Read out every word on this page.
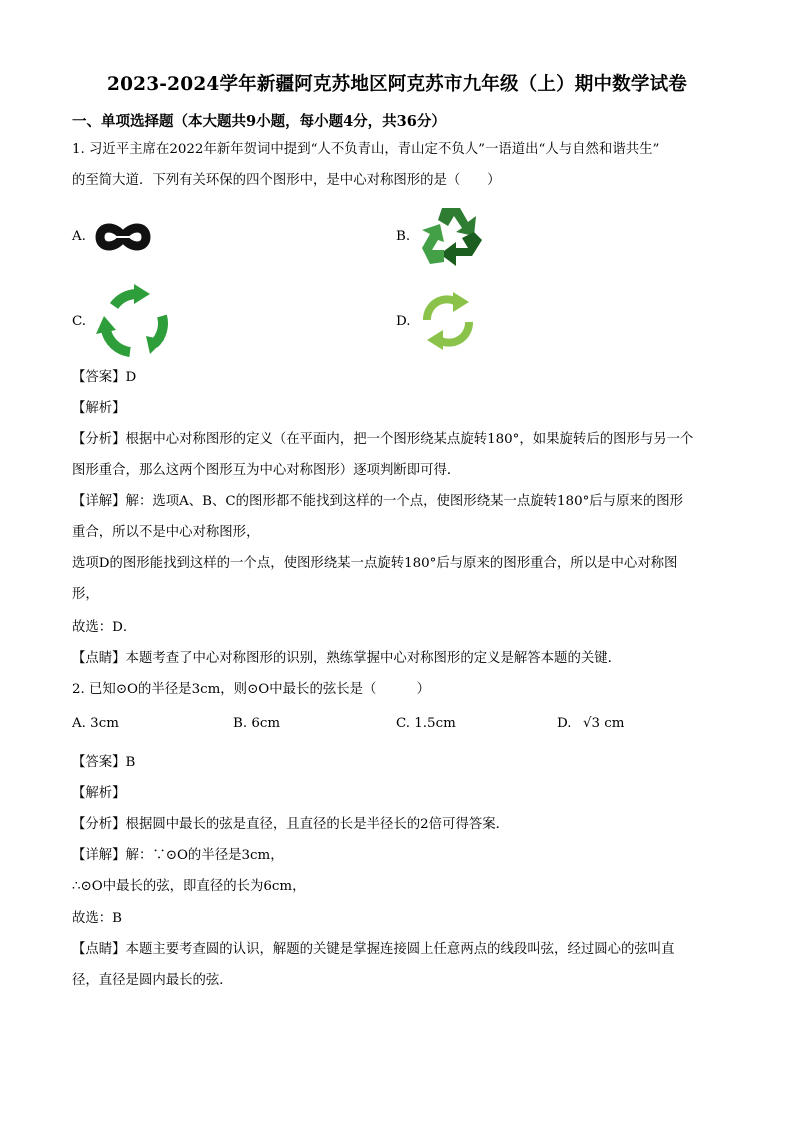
2023-2024学年新疆阿克苏地区阿克苏市九年级（上）期中数学试卷
一、单项选择题（本大题共9小题，每小题4分，共36分）
1. 习近平主席在2022年新年贺词中提到“人不负青山，青山定不负人”一语道出“人与自然和谐共生”
的至简大道．下列有关环保的四个图形中，是中心对称图形的是（　　）
A.	B.
C.	D.
【答案】D
【解析】
【分析】根据中心对称图形的定义（在平面内，把一个图形绕某点旋转180°，如果旋转后的图形与另一个
图形重合，那么这两个图形互为中心对称图形）逐项判断即可得．
【详解】解：选项A、B、C的图形都不能找到这样的一个点，使图形绕某一点旋转180°后与原来的图形
重合，所以不是中心对称图形，
选项D的图形能找到这样的一个点，使图形绕某一点旋转180°后与原来的图形重合，所以是中心对称图
形，
故选：D．
【点睛】本题考查了中心对称图形的识别，熟练掌握中心对称图形的定义是解答本题的关键．
2. 已知⊙O的半径是3cm，则⊙O中最长的弦长是（　　　）
A. 3cm	B. 6cm	C. 1.5cm	D. √3 cm
【答案】B
【解析】
【分析】根据圆中最长的弦是直径，且直径的长是半径长的2倍可得答案．
【详解】解：∵⊙O的半径是3cm，
∴⊙O中最长的弦，即直径的长为6cm，
故选：B
【点睛】本题主要考查圆的认识，解题的关键是掌握连接圆上任意两点的线段叫弦，经过圆心的弦叫直
径，直径是圆内最长的弦．
